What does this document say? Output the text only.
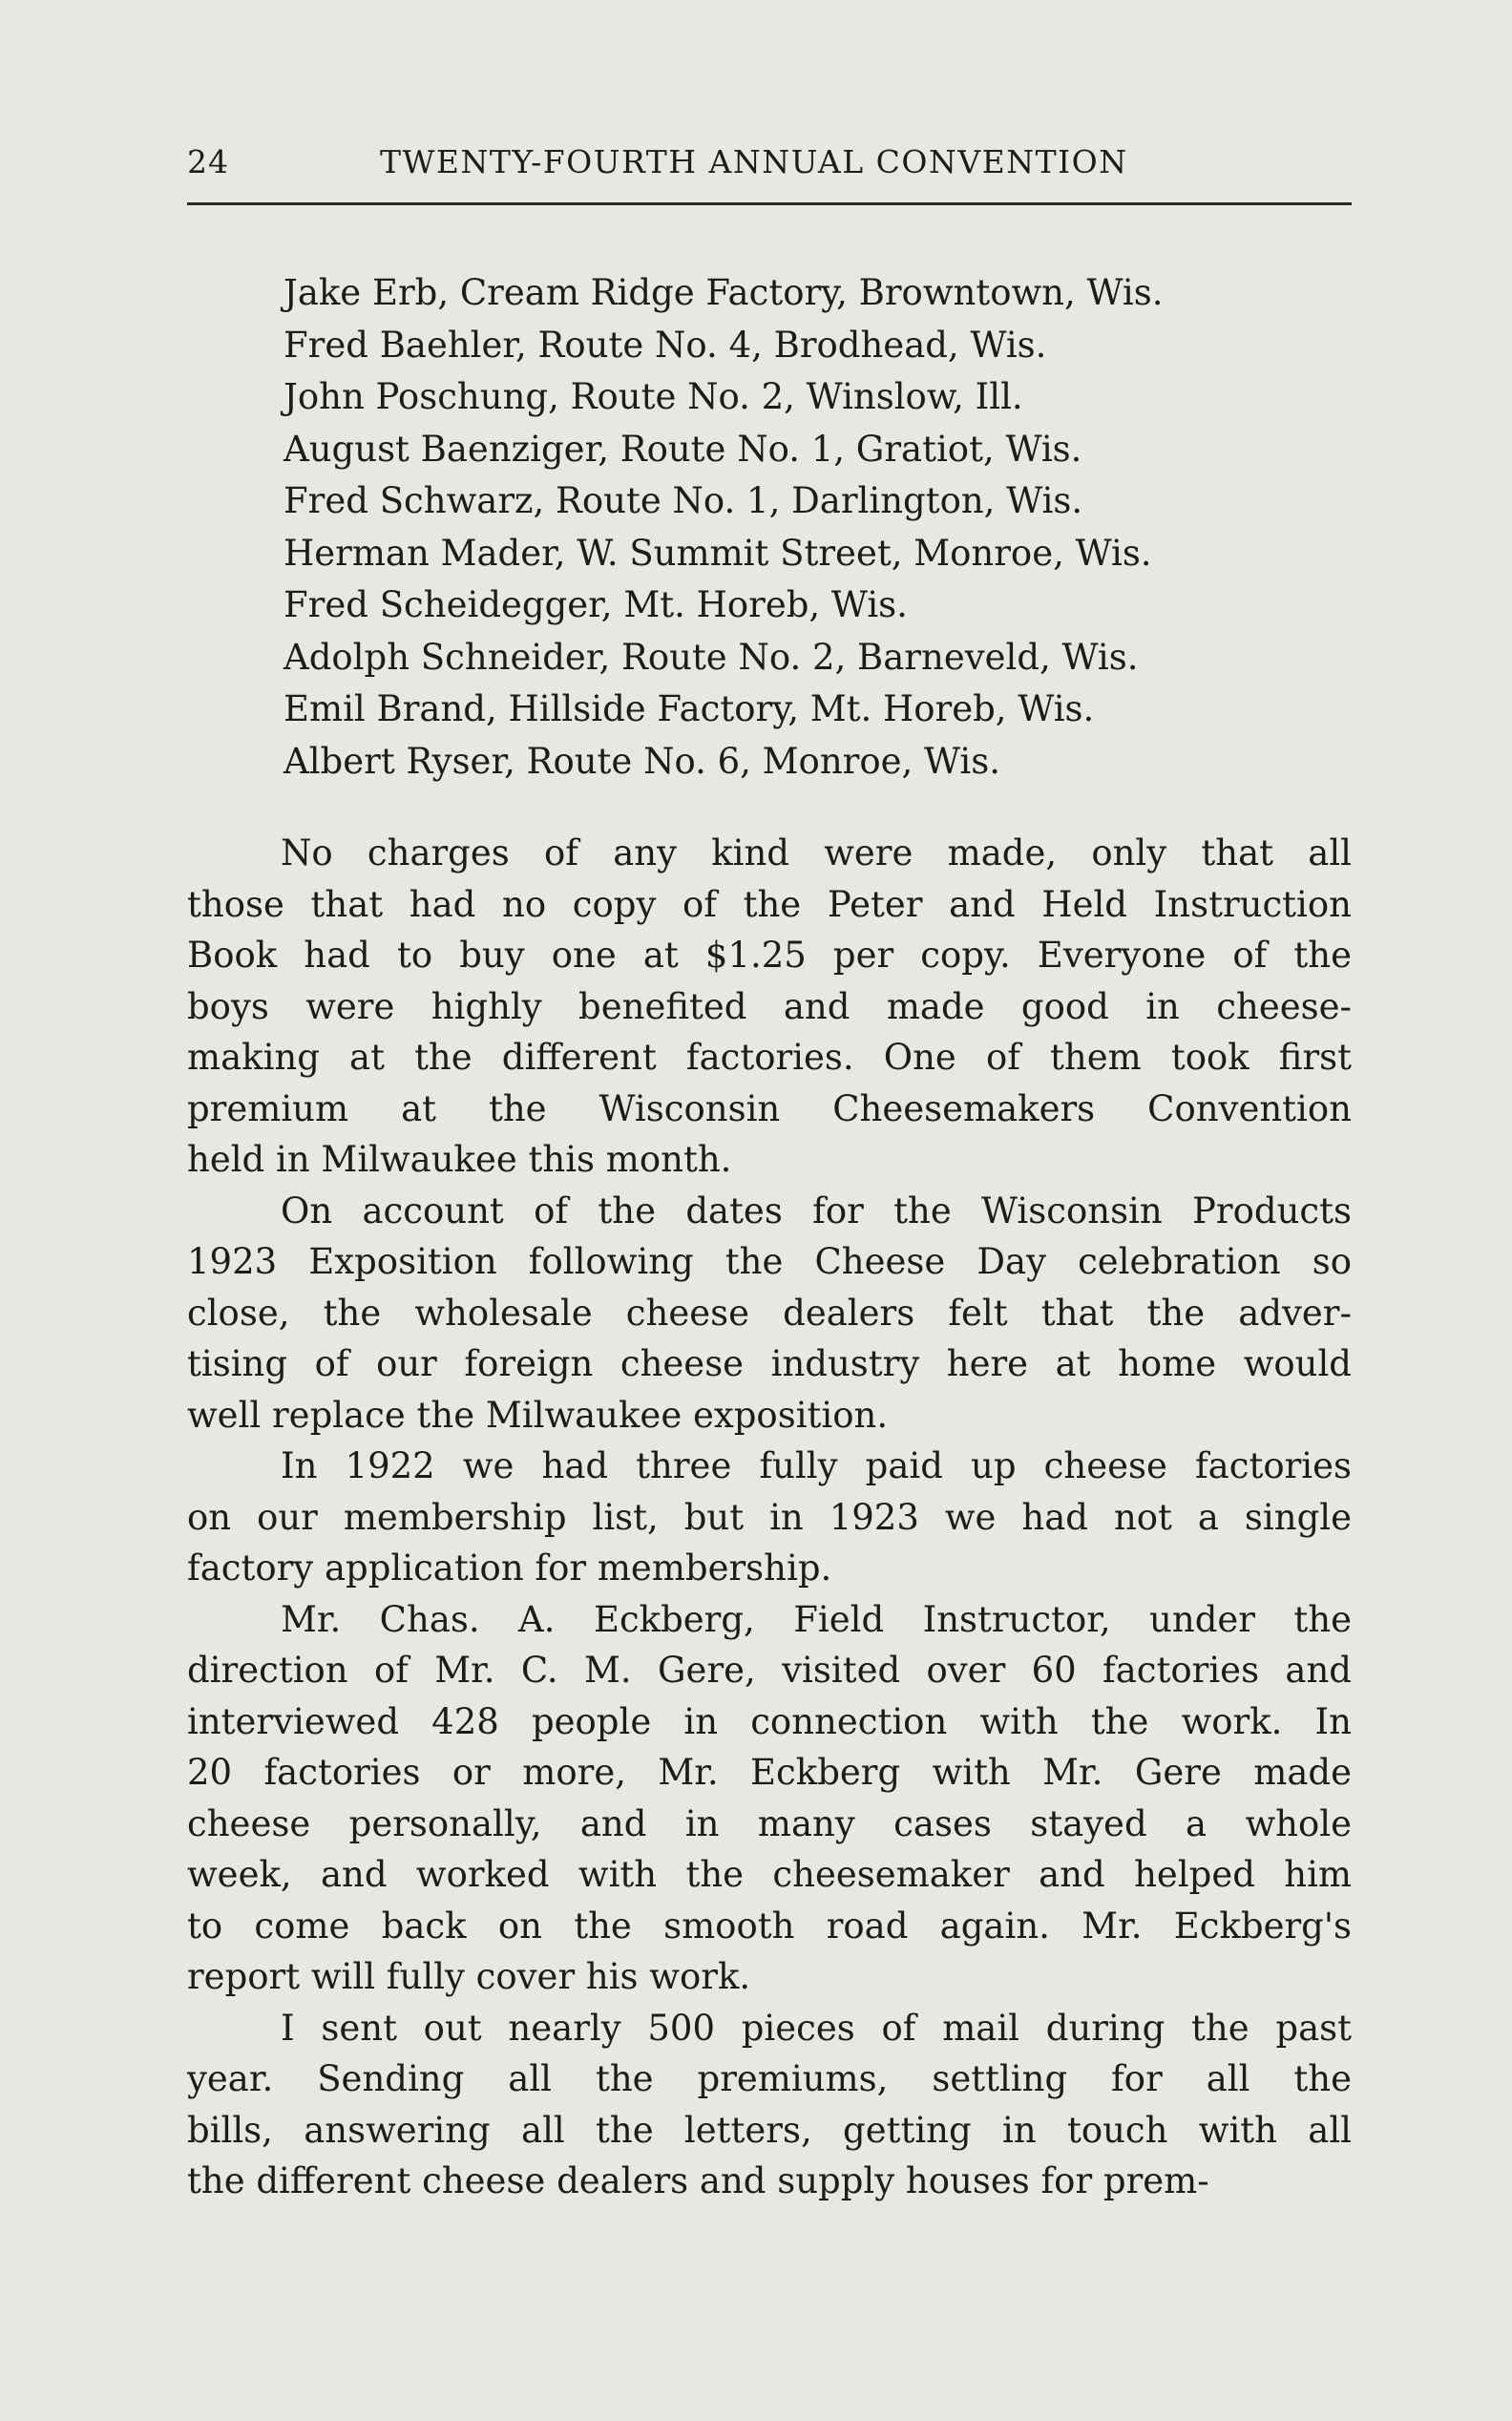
24	TWENTY-FOURTH ANNUAL CONVENTION
Jake Erb, Cream Ridge Factory, Browntown, Wis.
Fred Baehler, Route No. 4, Brodhead, Wis.
John Poschung, Route No. 2, Winslow, Ill.
August Baenziger, Route No. 1, Gratiot, Wis.
Fred Schwarz, Route No. 1, Darlington, Wis.
Herman Mader, W. Summit Street, Monroe, Wis.
Fred Scheidegger, Mt. Horeb, Wis.
Adolph Schneider, Route No. 2, Barneveld, Wis.
Emil Brand, Hillside Factory, Mt. Horeb, Wis.
Albert Ryser, Route No. 6, Monroe, Wis.
No charges of any kind were made, only that all
those that had no copy of the Peter and Held Instruction
Book had to buy one at $1.25 per copy. Everyone of the
boys were highly benefited and made good in cheese-
making at the different factories. One of them took first
premium at the Wisconsin Cheesemakers Convention
held in Milwaukee this month.
On account of the dates for the Wisconsin Products
1923 Exposition following the Cheese Day celebration so
close, the wholesale cheese dealers felt that the adver-
tising of our foreign cheese industry here at home would
well replace the Milwaukee exposition.
In 1922 we had three fully paid up cheese factories
on our membership list, but in 1923 we had not a single
factory application for membership.
Mr. Chas. A. Eckberg, Field Instructor, under the
direction of Mr. C. M. Gere, visited over 60 factories and
interviewed 428 people in connection with the work. In
20 factories or more, Mr. Eckberg with Mr. Gere made
cheese personally, and in many cases stayed a whole
week, and worked with the cheesemaker and helped him
to come back on the smooth road again. Mr. Eckberg's
report will fully cover his work.
I sent out nearly 500 pieces of mail during the past
year. Sending all the premiums, settling for all the
bills, answering all the letters, getting in touch with all
the different cheese dealers and supply houses for prem-
